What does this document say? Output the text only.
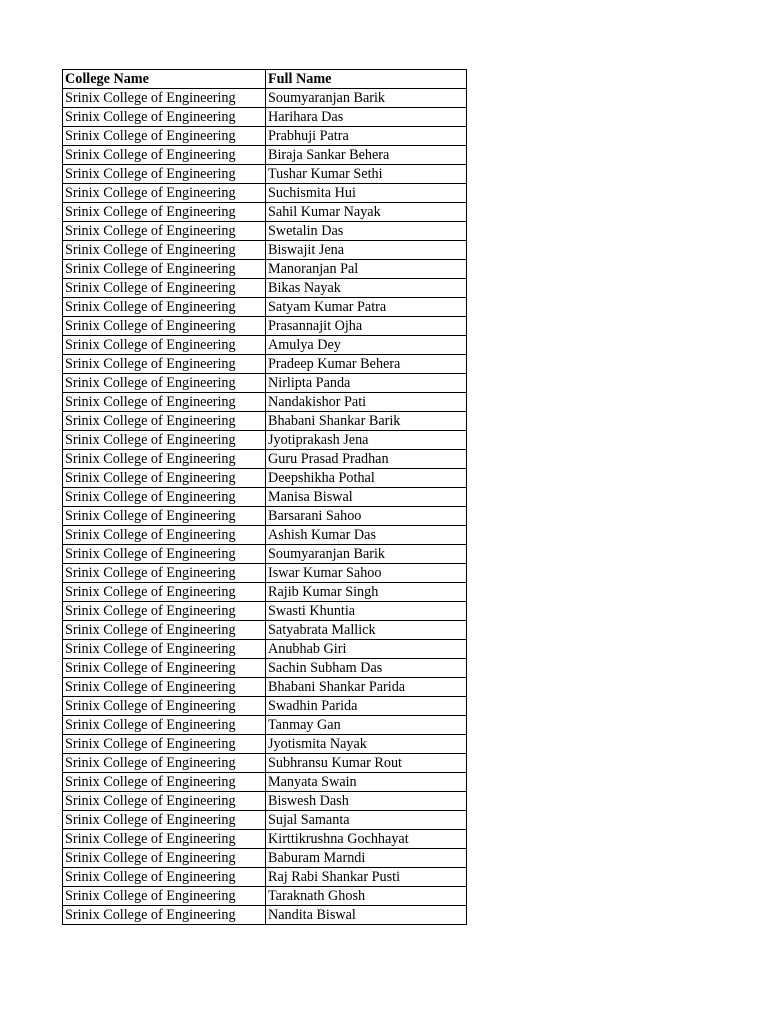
College Name	Full Name
Srinix College of Engineering	Soumyaranjan Barik
Srinix College of Engineering	Harihara Das
Srinix College of Engineering	Prabhuji Patra
Srinix College of Engineering	Biraja Sankar Behera
Srinix College of Engineering	Tushar Kumar Sethi
Srinix College of Engineering	Suchismita Hui
Srinix College of Engineering	Sahil Kumar Nayak
Srinix College of Engineering	Swetalin Das
Srinix College of Engineering	Biswajit Jena
Srinix College of Engineering	Manoranjan Pal
Srinix College of Engineering	Bikas Nayak
Srinix College of Engineering	Satyam Kumar Patra
Srinix College of Engineering	Prasannajit Ojha
Srinix College of Engineering	Amulya Dey
Srinix College of Engineering	Pradeep Kumar Behera
Srinix College of Engineering	Nirlipta Panda
Srinix College of Engineering	Nandakishor Pati
Srinix College of Engineering	Bhabani Shankar Barik
Srinix College of Engineering	Jyotiprakash Jena
Srinix College of Engineering	Guru Prasad Pradhan
Srinix College of Engineering	Deepshikha Pothal
Srinix College of Engineering	Manisa Biswal
Srinix College of Engineering	Barsarani Sahoo
Srinix College of Engineering	Ashish Kumar Das
Srinix College of Engineering	Soumyaranjan Barik
Srinix College of Engineering	Iswar Kumar Sahoo
Srinix College of Engineering	Rajib Kumar Singh
Srinix College of Engineering	Swasti Khuntia
Srinix College of Engineering	Satyabrata Mallick
Srinix College of Engineering	Anubhab Giri
Srinix College of Engineering	Sachin Subham Das
Srinix College of Engineering	Bhabani Shankar Parida
Srinix College of Engineering	Swadhin Parida
Srinix College of Engineering	Tanmay Gan
Srinix College of Engineering	Jyotismita Nayak
Srinix College of Engineering	Subhransu Kumar Rout
Srinix College of Engineering	Manyata Swain
Srinix College of Engineering	Biswesh Dash
Srinix College of Engineering	Sujal Samanta
Srinix College of Engineering	Kirttikrushna Gochhayat
Srinix College of Engineering	Baburam Marndi
Srinix College of Engineering	Raj Rabi Shankar Pusti
Srinix College of Engineering	Taraknath Ghosh
Srinix College of Engineering	Nandita Biswal
